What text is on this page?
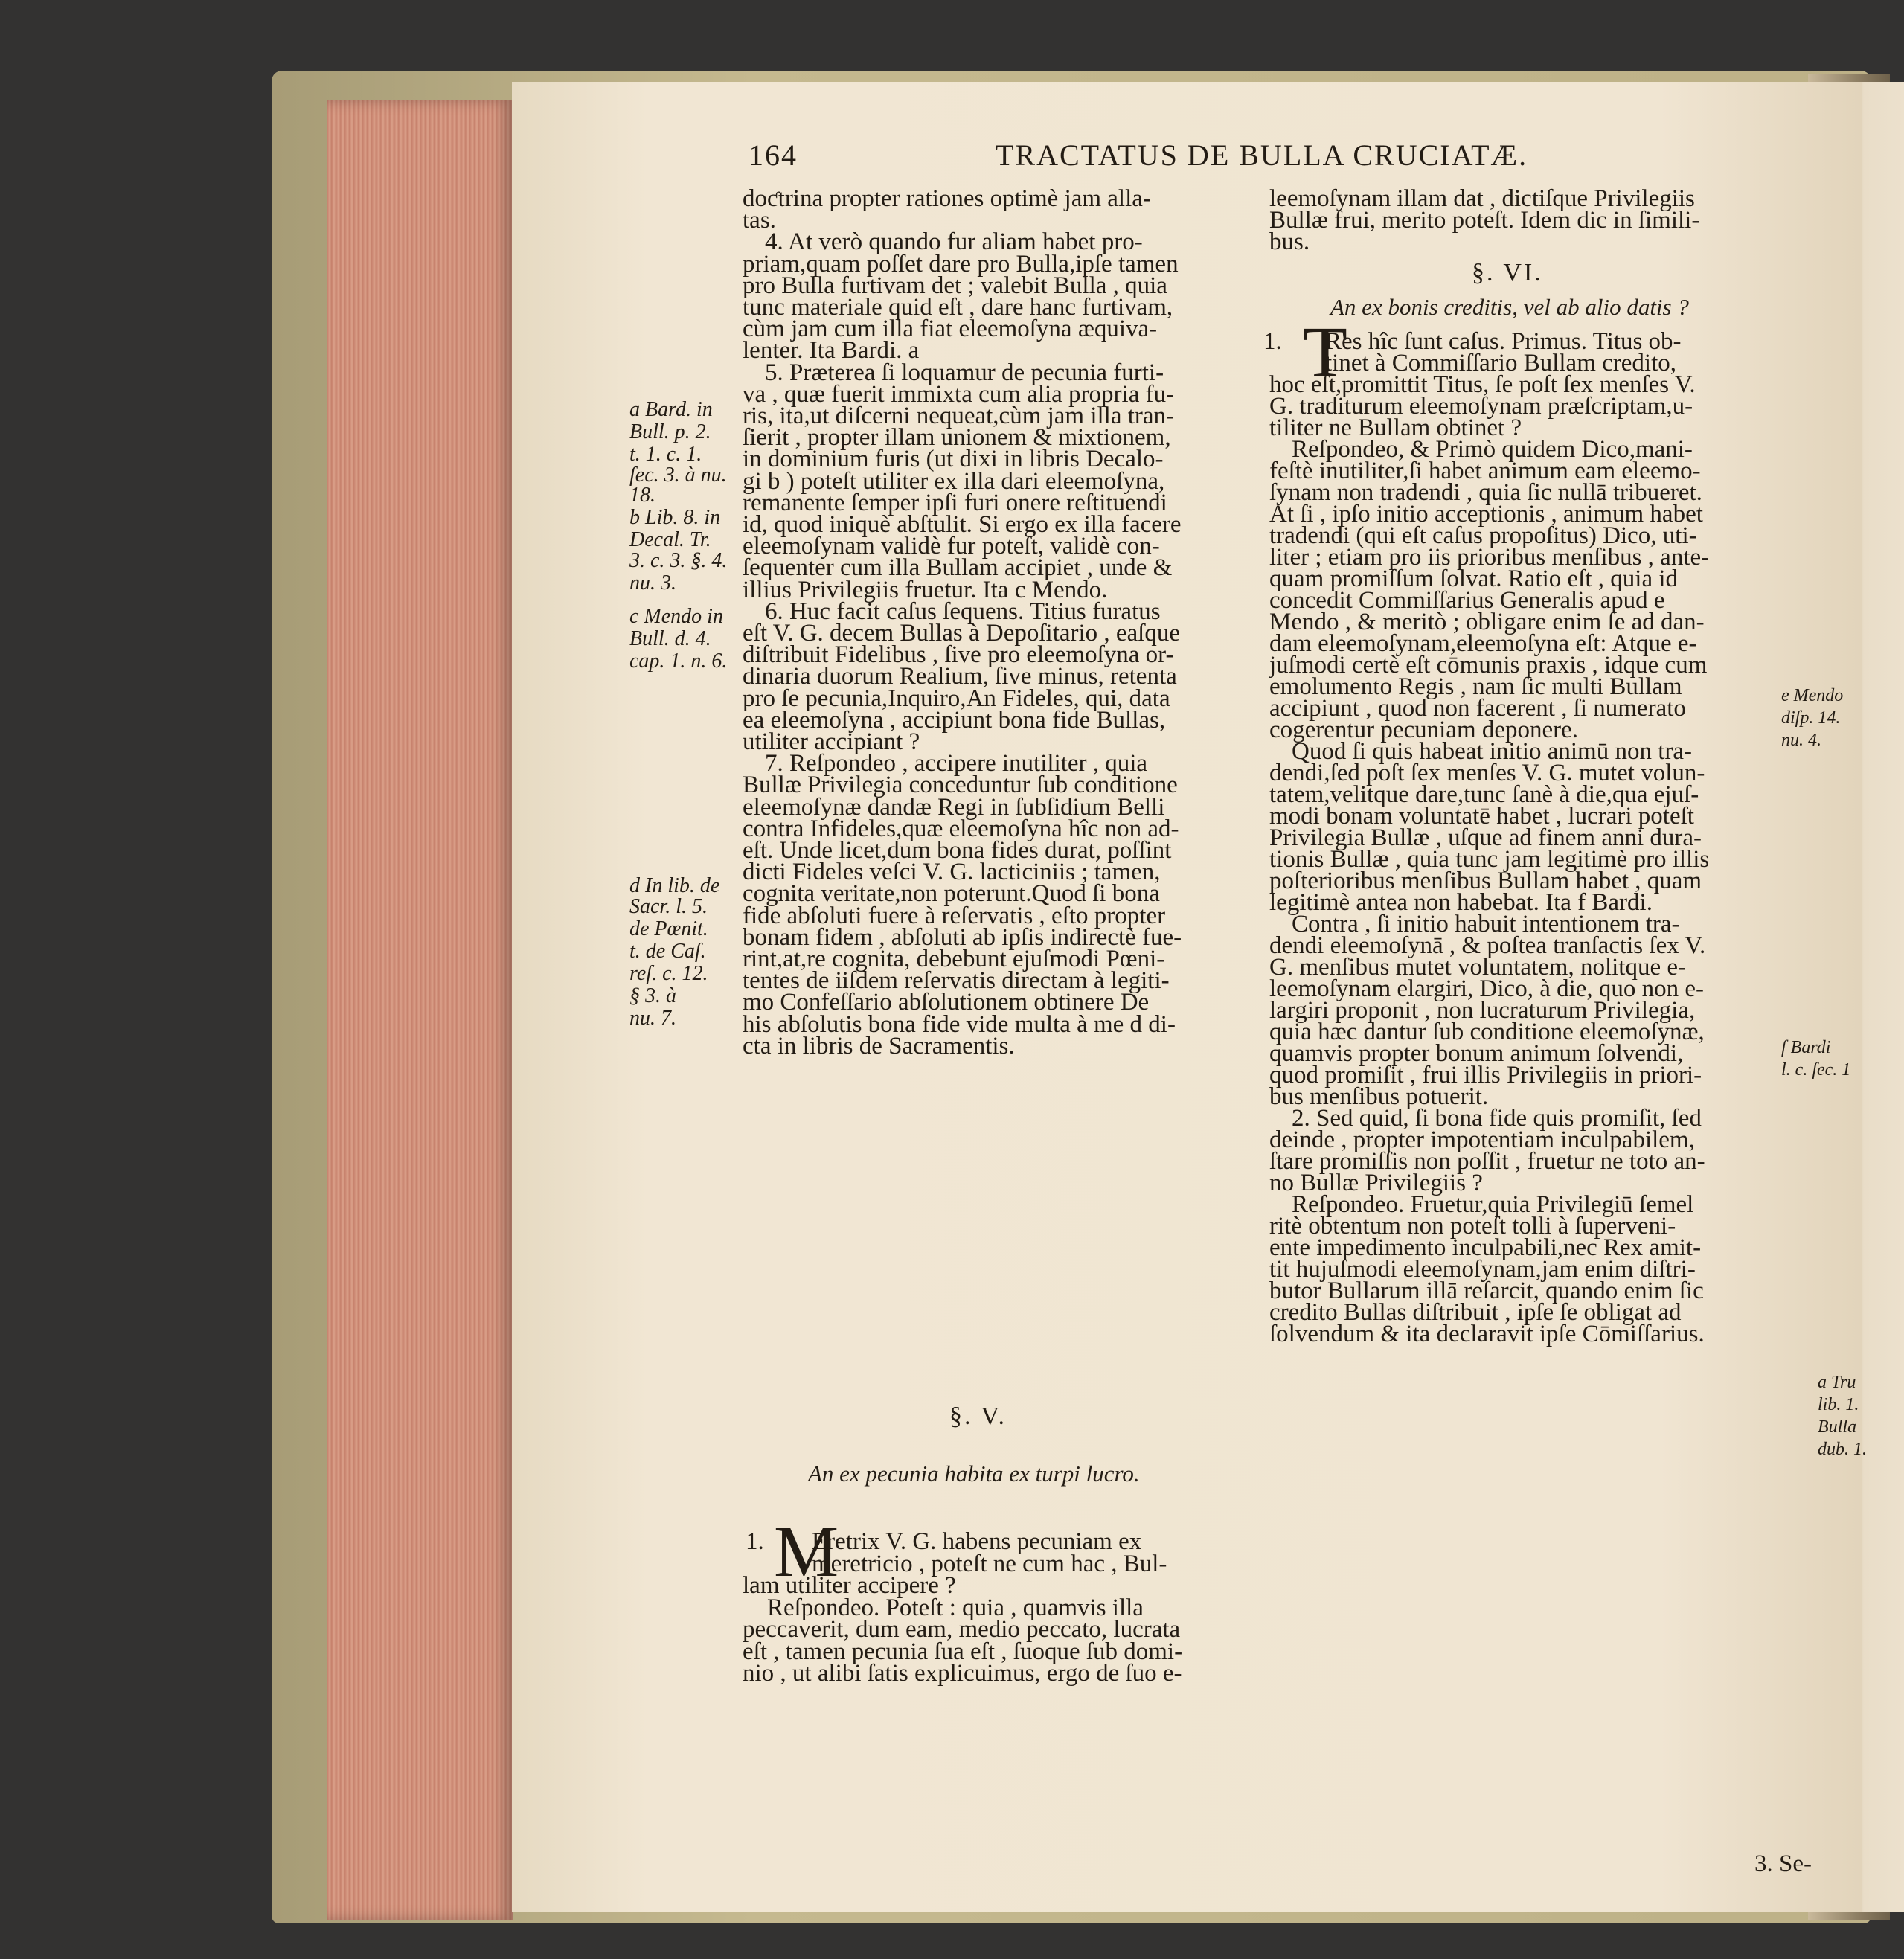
164	TRACTATUS DE BULLA CRUCIATÆ.
doƈtrina propter rationes optimè jam alla-
tas.
4. At verò quando fur aliam habet pro-
priam,quam poſſet dare pro Bulla,ipſe tamen
pro Bulla furtivam det ; valebit Bulla , quia
tunc materiale quid eſt , dare hanc furtivam,
cùm jam cum illa fiat eleemoſyna æquiva-
lenter. Ita Bardi. a
5. Præterea ſi loquamur de pecunia furti-
va , quæ fuerit immixta cum alia propria fu-
ris, ita,ut diſcerni nequeat,cùm jam illa tran-
ſierit , propter illam unionem & mixtionem,
in dominium furis (ut dixi in libris Decalo-
gi b ) poteſt utiliter ex illa dari eleemoſyna,
remanente ſemper ipſi furi onere reſtituendi
id, quod iniquè abſtulit. Si ergo ex illa facere
eleemoſynam validè fur poteſt, validè con-
ſequenter cum illa Bullam accipiet , unde &
illius Privilegiis fruetur. Ita c Mendo.
6. Huc facit caſus ſequens. Titius furatus
eſt V. G. decem Bullas à Depoſitario , eaſque
diſtribuit Fidelibus , ſive pro eleemoſyna or-
dinaria duorum Realium, ſive minus, retenta
pro ſe pecunia,Inquiro,An Fideles, qui, data
ea eleemoſyna , accipiunt bona fide Bullas,
utiliter accipiant ?
7. Reſpondeo , accipere inutiliter , quia
Bullæ Privilegia conceduntur ſub conditione
eleemoſynæ dandæ Regi in ſubſidium Belli
contra Infideles,quæ eleemoſyna hîc non ad-
eſt. Unde licet,dum bona fides durat, poſſint
dicti Fideles veſci V. G. lacticiniis ; tamen,
cognita veritate,non poterunt.Quod ſi bona
fide abſoluti fuere à reſervatis , eſto propter
bonam fidem , abſoluti ab ipſis indirectè fue-
rint,at,re cognita, debebunt ejuſmodi Pœni-
tentes de iiſdem reſervatis directam à legiti-
mo Confeſſario abſolutionem obtinere De
his abſolutis bona fide vide multa à me d di-
cta in libris de Sacramentis.
§. V.
An ex pecunia habita ex turpi lucro.
1. M
Eretrix V. G. habens pecuniam ex
meretricio , poteſt ne cum hac , Bul-
lam utiliter accipere ?
Reſpondeo. Poteſt : quia , quamvis illa
peccaverit, dum eam, medio peccato, lucrata
eſt , tamen pecunia ſua eſt , ſuoque ſub domi-
nio , ut alibi ſatis explicuimus, ergo de ſuo e-
a Bard. in
Bull. p. 2.
t. 1. c. 1.
ſec. 3. à nu.
18.
b Lib. 8. in
Decal. Tr.
3. c. 3. §. 4.
nu. 3.
c Mendo in
Bull. d. 4.
cap. 1. n. 6.
d In lib. de
Sacr. l. 5.
de Pœnit.
t. de Caſ.
reſ. c. 12.
§ 3. à
nu. 7.
leemoſynam illam dat , dictiſque Privilegiis
Bullæ frui, merito poteſt. Idem dic in ſimili-
bus.
§. VI.
An ex bonis creditis, vel ab alio datis ?
1. T
Res hîc ſunt caſus. Primus. Titus ob-
tinet à Commiſſario Bullam credito,
hoc eſt,promittit Titus, ſe poſt ſex menſes V.
G. traditurum eleemoſynam præſcriptam,u-
tiliter ne Bullam obtinet ?
Reſpondeo, & Primò quidem Dico,mani-
feſtè inutiliter,ſi habet animum eam eleemo-
ſynam non tradendi , quia ſic nullā tribueret.
At ſi , ipſo initio acceptionis , animum habet
tradendi (qui eſt caſus propoſitus) Dico, uti-
liter ; etiam pro iis prioribus menſibus , ante-
quam promiſſum ſolvat. Ratio eſt , quia id
concedit Commiſſarius Generalis apud e
Mendo , & meritò ; obligare enim ſe ad dan-
dam eleemoſynam,eleemoſyna eſt: Atque e-
juſmodi certè eſt cōmunis praxis , idque cum
emolumento Regis , nam ſic multi Bullam
accipiunt , quod non facerent , ſi numerato
cogerentur pecuniam deponere.
Quod ſi quis habeat initio animū non tra-
dendi,ſed poſt ſex menſes V. G. mutet volun-
tatem,velitque dare,tunc ſanè à die,qua ejuſ-
modi bonam voluntatē habet , lucrari poteſt
Privilegia Bullæ , uſque ad finem anni dura-
tionis Bullæ , quia tunc jam legitimè pro illis
poſterioribus menſibus Bullam habet , quam
legitimè antea non habebat. Ita f Bardi.
Contra , ſi initio habuit intentionem tra-
dendi eleemoſynā , & poſtea tranſactis ſex V.
G. menſibus mutet voluntatem, nolitque e-
leemoſynam elargiri, Dico, à die, quo non e-
largiri proponit , non lucraturum Privilegia,
quia hæc dantur ſub conditione eleemoſynæ,
quamvis propter bonum animum ſolvendi,
quod promiſit , frui illis Privilegiis in priori-
bus menſibus potuerit.
2. Sed quid, ſi bona fide quis promiſit, ſed
deinde , propter impotentiam inculpabilem,
ſtare promiſſis non poſſit , fruetur ne toto an-
no Bullæ Privilegiis ?
Reſpondeo. Fruetur,quia Privilegiū ſemel
ritè obtentum non poteſt tolli à ſuperveni-
ente impedimento inculpabili,nec Rex amit-
tit hujuſmodi eleemoſynam,jam enim diſtri-
butor Bullarum illā reſarcit, quando enim ſic
credito Bullas diſtribuit , ipſe ſe obligat ad
ſolvendum & ita declaravit ipſe Cōmiſſarius.
3. Se-
e Mendo
diſp. 14.
nu. 4.
f Bardi
l. c. ſec. 1
a Tru
lib. 1.
Bulla
dub. 1.
